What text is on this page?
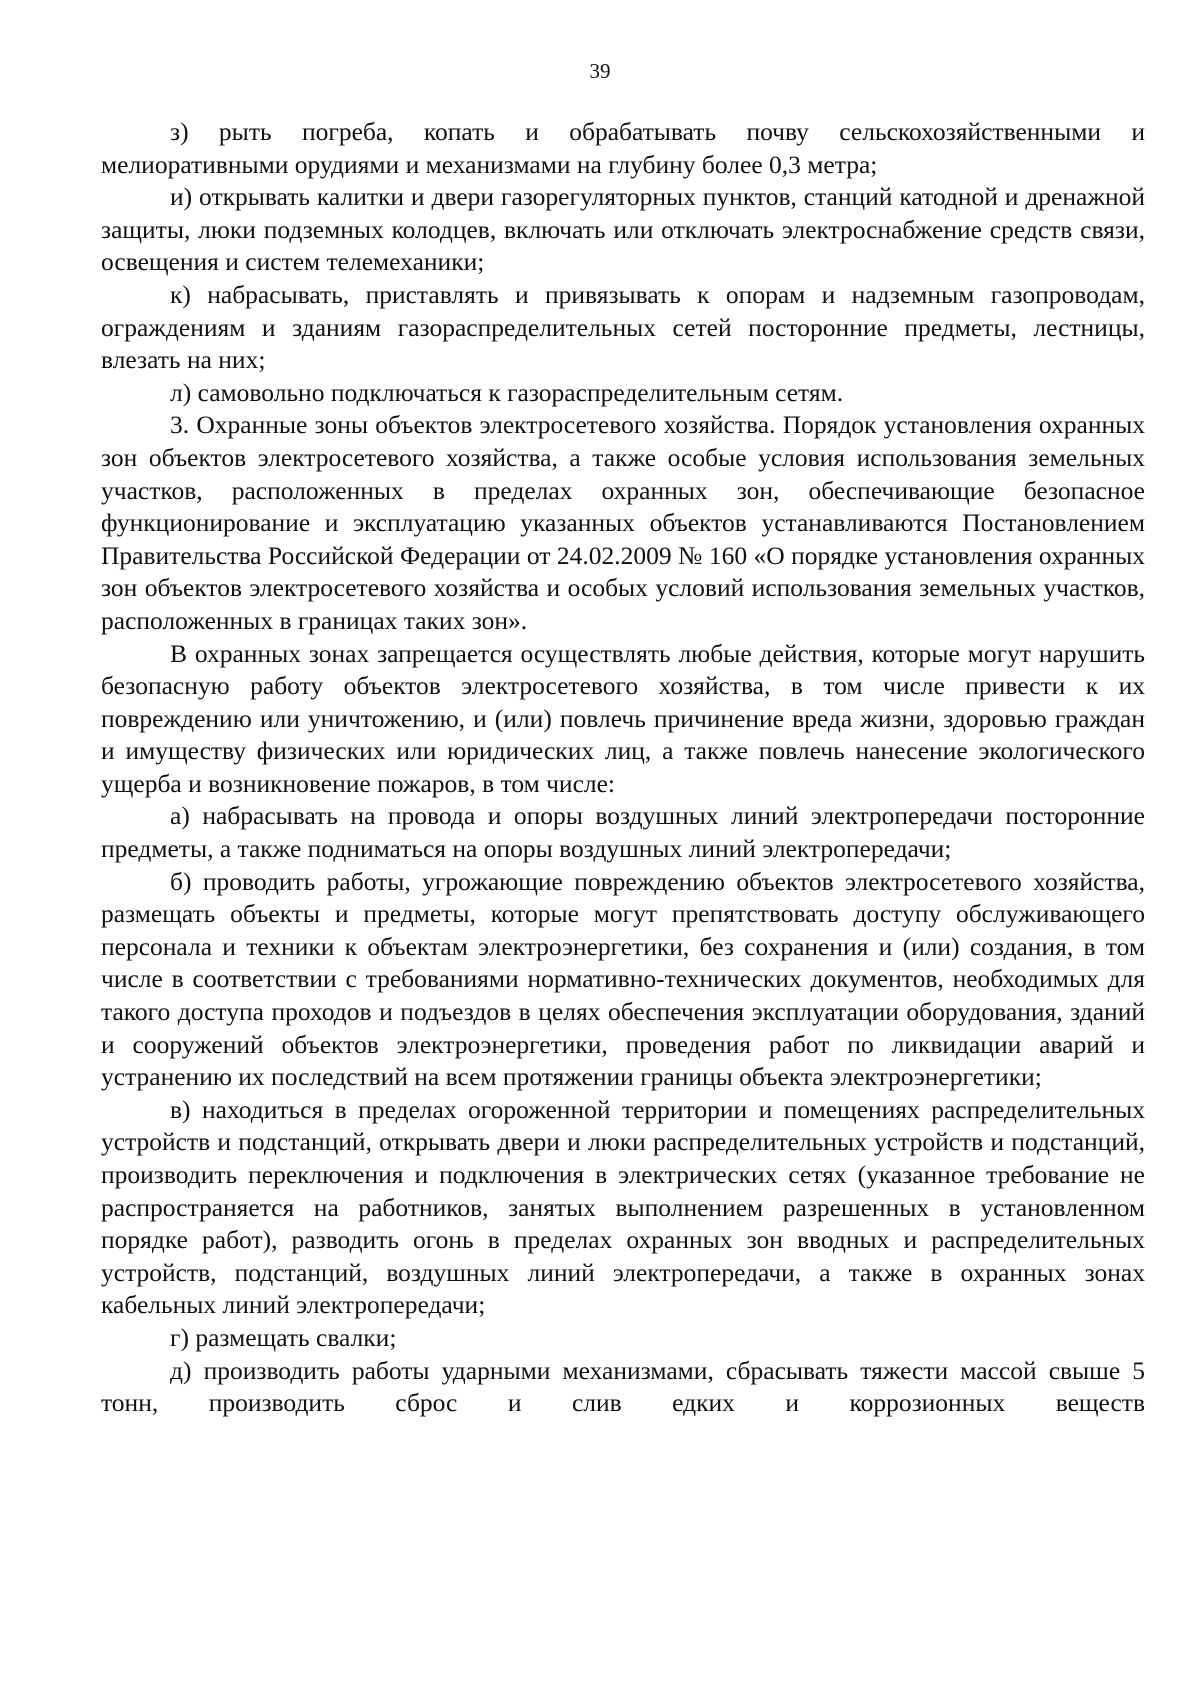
39

з) рыть погреба, копать и обрабатывать почву сельскохозяйственными и мелиоративными орудиями и механизмами на глубину более 0,3 метра;

и) открывать калитки и двери газорегуляторных пунктов, станций катодной и дренажной защиты, люки подземных колодцев, включать или отключать электроснабжение средств связи, освещения и систем телемеханики;

к) набрасывать, приставлять и привязывать к опорам и надземным газопроводам, ограждениям и зданиям газораспределительных сетей посторонние предметы, лестницы, влезать на них;

л) самовольно подключаться к газораспределительным сетям.

3. Охранные зоны объектов электросетевого хозяйства. Порядок установления охранных зон объектов электросетевого хозяйства, а также особые условия использования земельных участков, расположенных в пределах охранных зон, обеспечивающие безопасное функционирование и эксплуатацию указанных объектов устанавливаются Постановлением Правительства Российской Федерации от 24.02.2009 № 160 «О порядке установления охранных зон объектов электросетевого хозяйства и особых условий использования земельных участков, расположенных в границах таких зон».

В охранных зонах запрещается осуществлять любые действия, которые могут нарушить безопасную работу объектов электросетевого хозяйства, в том числе привести к их повреждению или уничтожению, и (или) повлечь причинение вреда жизни, здоровью граждан и имуществу физических или юридических лиц, а также повлечь нанесение экологического ущерба и возникновение пожаров, в том числе:

а) набрасывать на провода и опоры воздушных линий электропередачи посторонние предметы, а также подниматься на опоры воздушных линий электропередачи;

б) проводить работы, угрожающие повреждению объектов электросетевого хозяйства, размещать объекты и предметы, которые могут препятствовать доступу обслуживающего персонала и техники к объектам электроэнергетики, без сохранения и (или) создания, в том числе в соответствии с требованиями нормативно-технических документов, необходимых для такого доступа проходов и подъездов в целях обеспечения эксплуатации оборудования, зданий и сооружений объектов электроэнергетики, проведения работ по ликвидации аварий и устранению их последствий на всем протяжении границы объекта электроэнергетики;

в) находиться в пределах огороженной территории и помещениях распределительных устройств и подстанций, открывать двери и люки распределительных устройств и подстанций, производить переключения и подключения в электрических сетях (указанное требование не распространяется на работников, занятых выполнением разрешенных в установленном порядке работ), разводить огонь в пределах охранных зон вводных и распределительных устройств, подстанций, воздушных линий электропередачи, а также в охранных зонах кабельных линий электропередачи;

г) размещать свалки;

д) производить работы ударными механизмами, сбрасывать тяжести массой свыше 5 тонн, производить сброс и слив едких и коррозионных веществ
